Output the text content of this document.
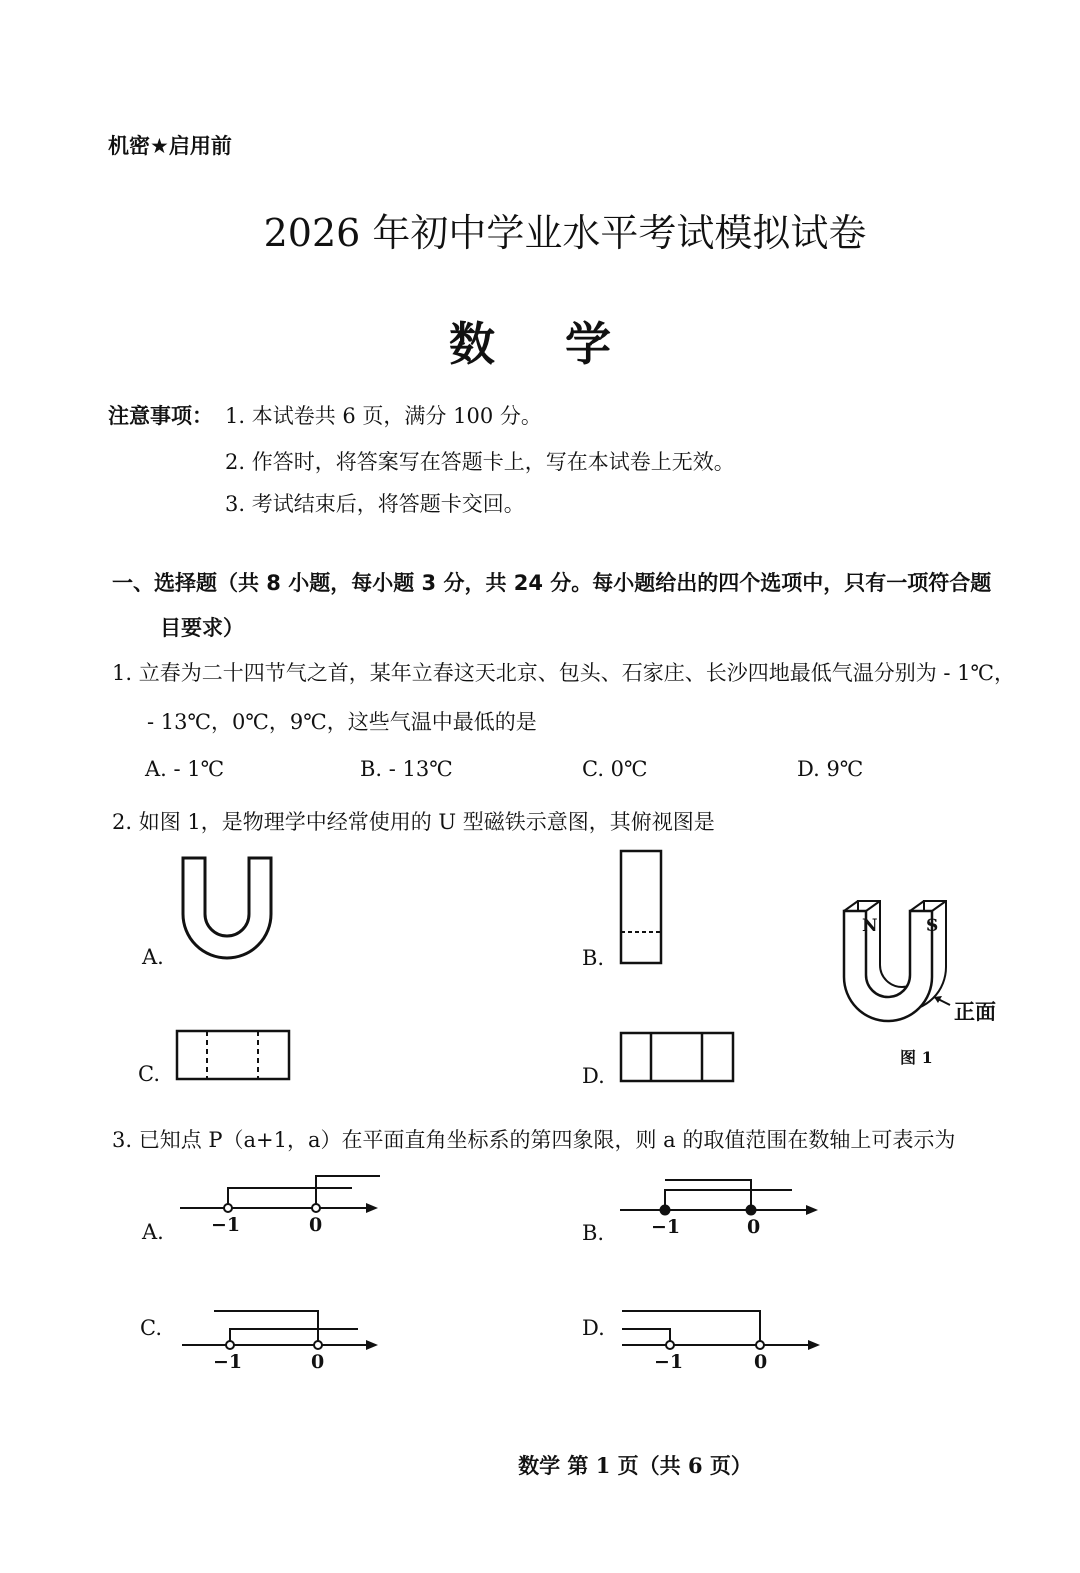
机密★启用前
2026 年初中学业水平考试模拟试卷
数学
注意事项： 1. 本试卷共 6 页，满分 100 分。
2. 作答时，将答案写在答题卡上，写在本试卷上无效。
3. 考试结束后，将答题卡交回。
一、选择题（共 8 小题，每小题 3 分，共 24 分。每小题给出的四个选项中，只有一项符合题
目要求）
1. 立春为二十四节气之首，某年立春这天北京、包头、石家庄、长沙四地最低气温分别为 - 1℃，
- 13℃，0℃，9℃，这些气温中最低的是
A. - 1℃	B. - 13℃	C. 0℃	D. 9℃
2. 如图 1，是物理学中经常使用的 U 型磁铁示意图，其俯视图是
A.	B.
C.	D.
N	S
正面
图 1
3. 已知点 P（a+1，a）在平面直角坐标系的第四象限，则 a 的取值范围在数轴上可表示为
A. −1	0	B. −1	0
C.
−1	0
D.
−1	0
数学 第 1 页（共 6 页）
